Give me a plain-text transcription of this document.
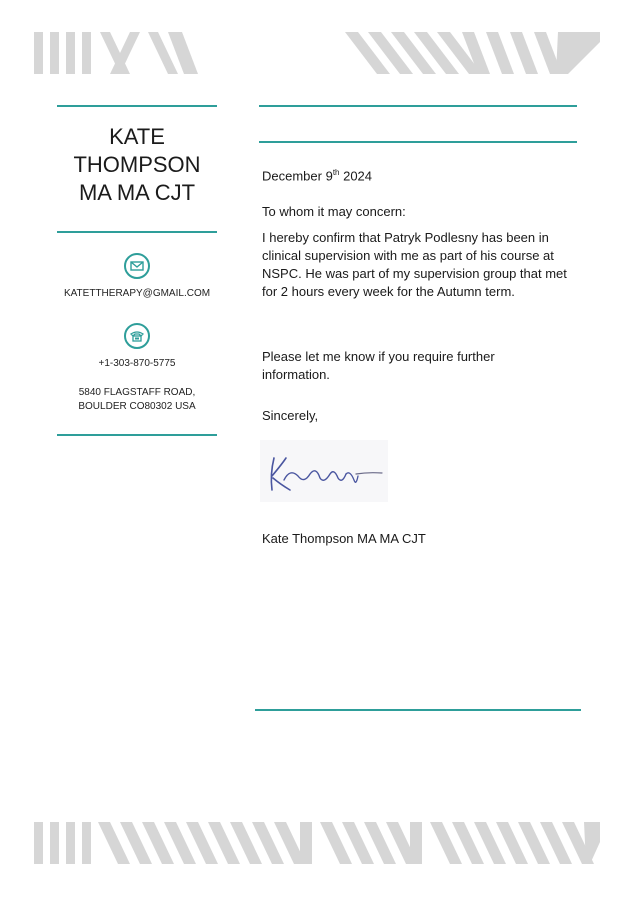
KATE
THOMPSON
MA MA CJT
KATETTHERAPY@GMAIL.COM
+1-303-870-5775
5840 FLAGSTAFF ROAD,
BOULDER CO80302 USA
December 9th 2024
To whom it may concern:
I hereby confirm that Patryk Podlesny has been in clinical supervision with me as part of his course at NSPC. He was part of my supervision group that met for 2 hours every week for the Autumn term.
Please let me know if you require further information.
Sincerely,
Kate Thompson MA MA CJT
